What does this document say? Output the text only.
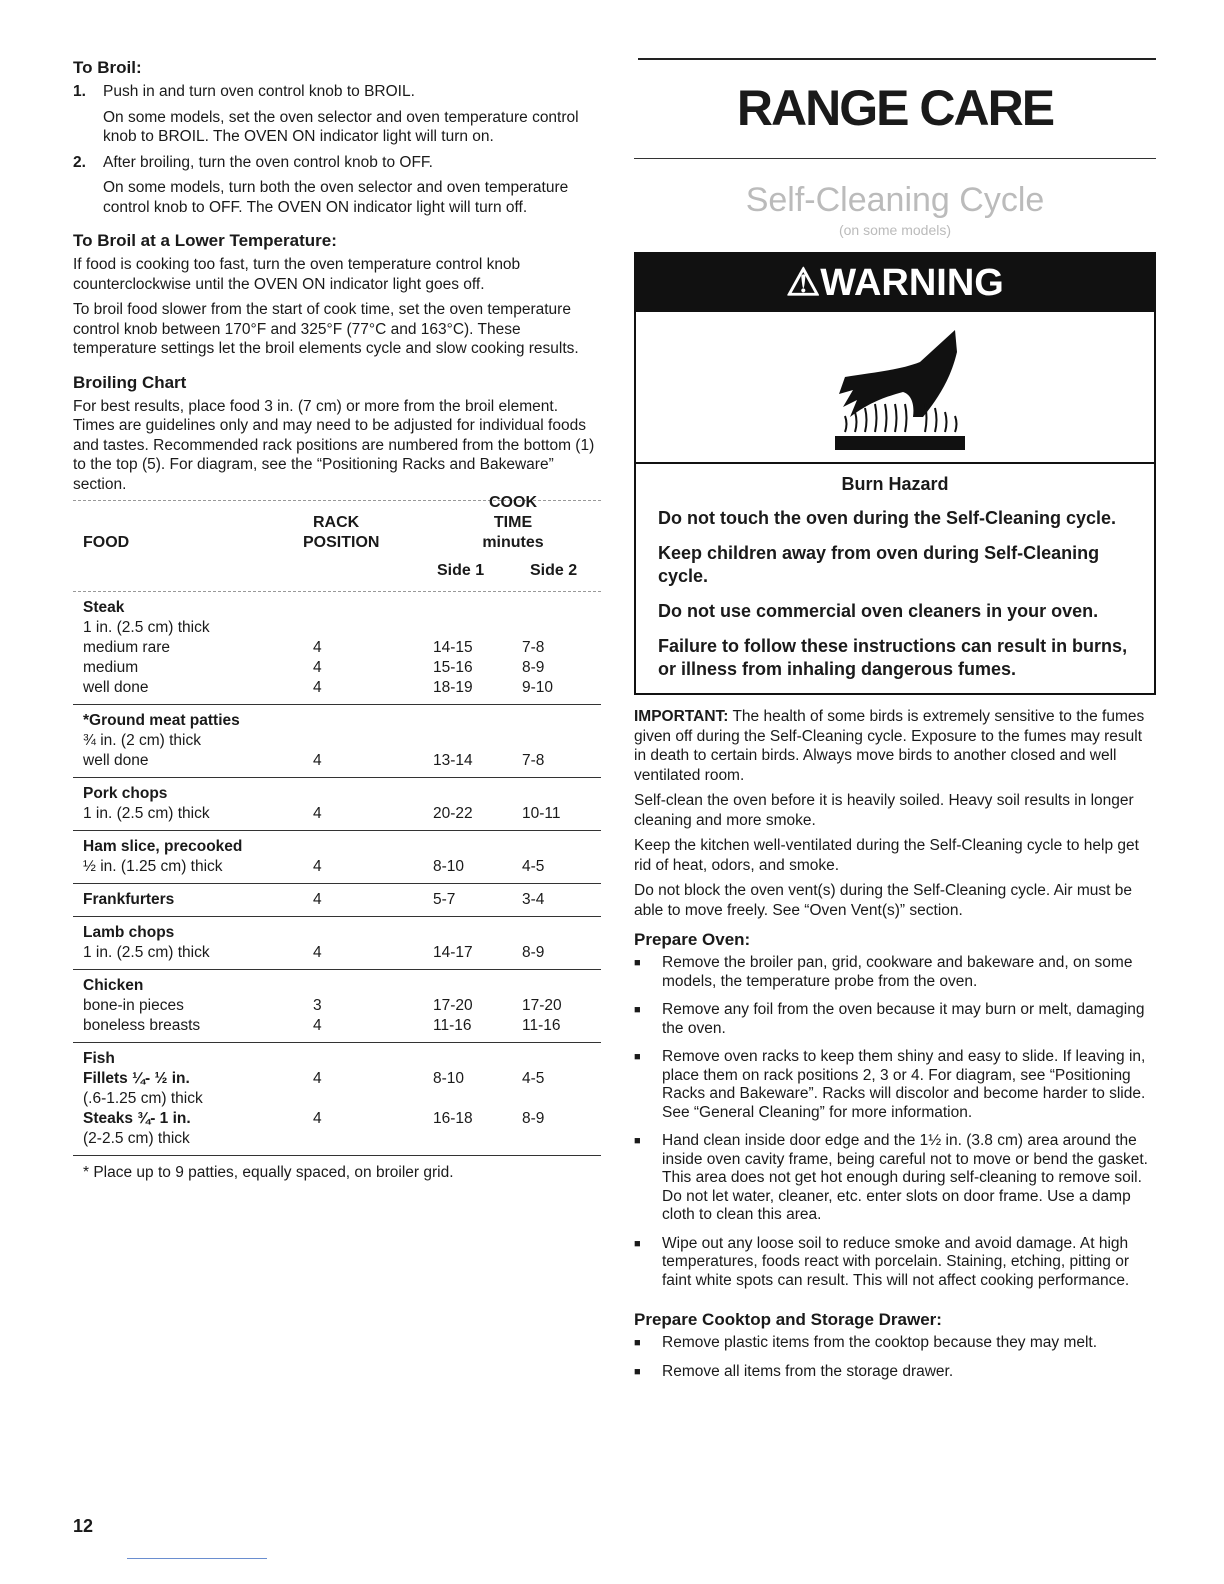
To Broil:
1.	Push in and turn oven control knob to BROIL.
On some models, set the oven selector and oven temperature control knob to BROIL. The OVEN ON indicator light will turn on.
2.	After broiling, turn the oven control knob to OFF.
On some models, turn both the oven selector and oven temperature control knob to OFF. The OVEN ON indicator light will turn off.
To Broil at a Lower Temperature:

If food is cooking too fast, turn the oven temperature control knob counterclockwise until the OVEN ON indicator light goes off.

To broil food slower from the start of cook time, set the oven temperature control knob between 170°F and 325°F (77°C and 163°C). These temperature settings let the broil elements cycle and slow cooking results.

Broiling Chart

For best results, place food 3 in. (7 cm) or more from the broil element. Times are guidelines only and may need to be adjusted for individual foods and tastes. Recommended rack positions are numbered from the bottom (1) to the top (5). For diagram, see the “Positioning Racks and Bakeware” section.

FOOD
RACK
POSITION
COOK
TIME
minutes
Side 1	Side 2
Steak
1 in. (2.5 cm) thick
medium rare	4	14-15	7-8
medium	4	15-16	8-9
well done	4	18-19	9-10
*Ground meat patties
¾ in. (2 cm) thick
well done	4	13-14	7-8
Pork chops
1 in. (2.5 cm) thick	4	20-22	10-11
Ham slice, precooked
½ in. (1.25 cm) thick	4	8-10	4-5
Frankfurters	4	5-7	3-4
Lamb chops
1 in. (2.5 cm) thick	4	14-17	8-9
Chicken
bone-in pieces	3	17-20	17-20
boneless breasts	4	11-16	11-16
Fish
Fillets ¼- ½ in.	4	8-10	4-5
(.6-1.25 cm) thick
Steaks ¾- 1 in.	4	16-18	8-9
(2-2.5 cm) thick
* Place up to 9 patties, equally spaced, on broiler grid.
12
RANGE CARE
Self-Cleaning Cycle
(on some models)
⚠WARNING
Burn Hazard
Do not touch the oven during the Self-Cleaning cycle.
Keep children away from oven during Self-Cleaning cycle.
Do not use commercial oven cleaners in your oven.
Failure to follow these instructions can result in burns, or illness from inhaling dangerous fumes.

IMPORTANT: The health of some birds is extremely sensitive to the fumes given off during the Self-Cleaning cycle. Exposure to the fumes may result in death to certain birds. Always move birds to another closed and well ventilated room.

Self-clean the oven before it is heavily soiled. Heavy soil results in longer cleaning and more smoke.

Keep the kitchen well-ventilated during the Self-Cleaning cycle to help get rid of heat, odors, and smoke.

Do not block the oven vent(s) during the Self-Cleaning cycle. Air must be able to move freely. See “Oven Vent(s)” section.

Prepare Oven:
■	Remove the broiler pan, grid, cookware and bakeware and, on some models, the temperature probe from the oven.
■	Remove any foil from the oven because it may burn or melt, damaging the oven.
■	Remove oven racks to keep them shiny and easy to slide. If leaving in, place them on rack positions 2, 3 or 4. For diagram, see “Positioning Racks and Bakeware”. Racks will discolor and become harder to slide. See “General Cleaning” for more information.
■	Hand clean inside door edge and the 1½ in. (3.8 cm) area around the inside oven cavity frame, being careful not to move or bend the gasket. This area does not get hot enough during self-cleaning to remove soil. Do not let water, cleaner, etc. enter slots on door frame. Use a damp cloth to clean this area.
■	Wipe out any loose soil to reduce smoke and avoid damage. At high temperatures, foods react with porcelain. Staining, etching, pitting or faint white spots can result. This will not affect cooking performance.
Prepare Cooktop and Storage Drawer:
■	Remove plastic items from the cooktop because they may melt.
■	Remove all items from the storage drawer.
